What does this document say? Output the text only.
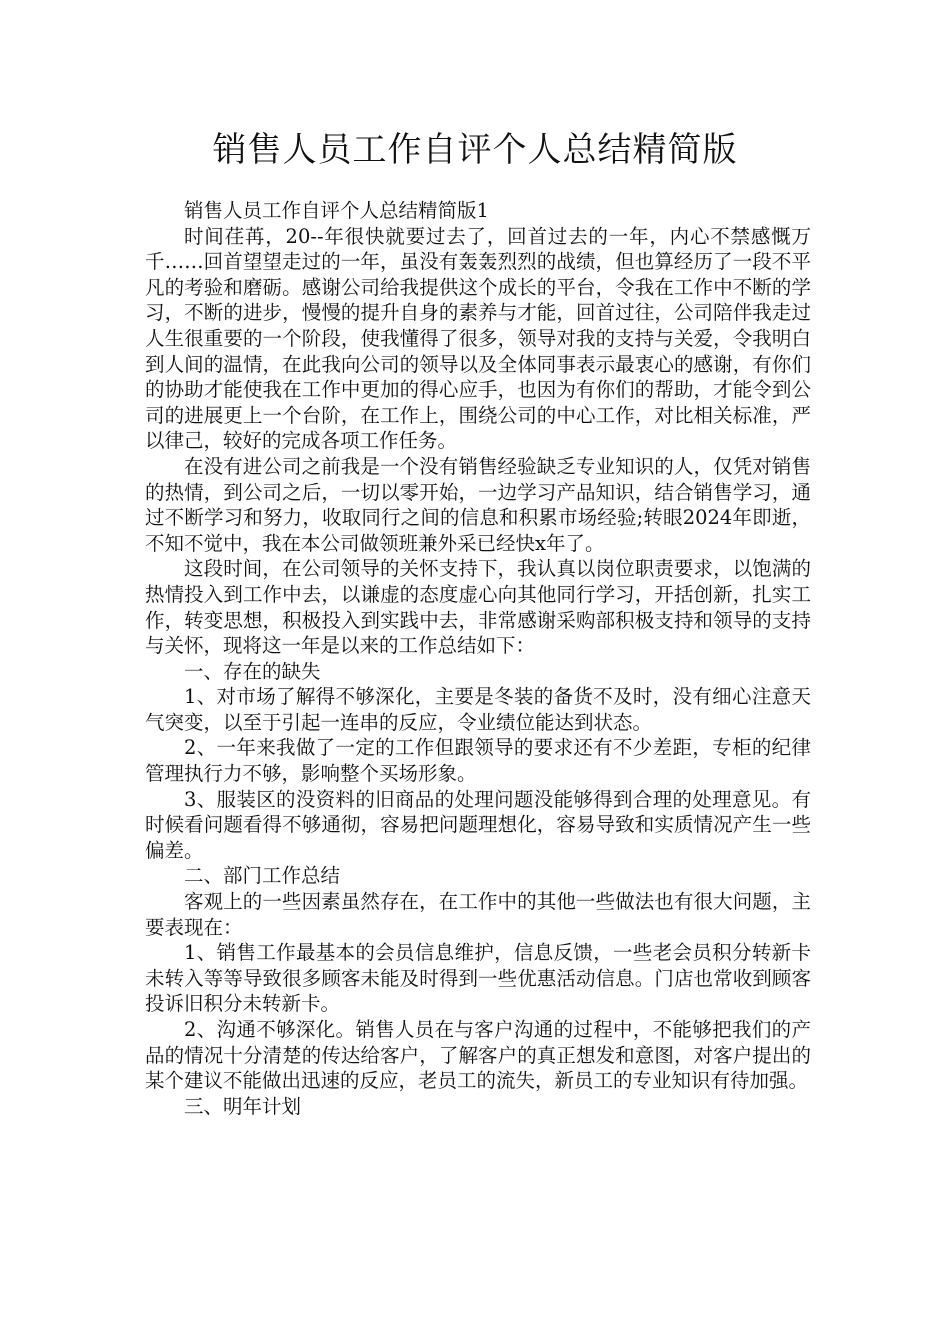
销售人员工作自评个人总结精简版

销售人员工作自评个人总结精简版1

时间荏苒，20--年很快就要过去了，回首过去的一年，内心不禁感慨万千……回首望望走过的一年，虽没有轰轰烈烈的战绩，但也算经历了一段不平凡的考验和磨砺。感谢公司给我提供这个成长的平台，令我在工作中不断的学习，不断的进步，慢慢的提升自身的素养与才能，回首过往，公司陪伴我走过人生很重要的一个阶段，使我懂得了很多，领导对我的支持与关爱，令我明白到人间的温情，在此我向公司的领导以及全体同事表示最衷心的感谢，有你们的协助才能使我在工作中更加的得心应手，也因为有你们的帮助，才能令到公司的进展更上一个台阶，在工作上，围绕公司的中心工作，对比相关标准，严以律己，较好的完成各项工作任务。

在没有进公司之前我是一个没有销售经验缺乏专业知识的人，仅凭对销售的热情，到公司之后，一切以零开始，一边学习产品知识，结合销售学习，通过不断学习和努力，收取同行之间的信息和积累市场经验;转眼2024年即逝，不知不觉中，我在本公司做领班兼外采已经快x年了。

这段时间，在公司领导的关怀支持下，我认真以岗位职责要求，以饱满的热情投入到工作中去，以谦虚的态度虚心向其他同行学习，开括创新，扎实工作，转变思想，积极投入到实践中去，非常感谢采购部积极支持和领导的支持与关怀，现将这一年是以来的工作总结如下：

一、存在的缺失

1、对市场了解得不够深化，主要是冬装的备货不及时，没有细心注意天气突变，以至于引起一连串的反应，令业绩位能达到状态。

2、一年来我做了一定的工作但跟领导的要求还有不少差距，专柜的纪律管理执行力不够，影响整个买场形象。

3、服装区的没资料的旧商品的处理问题没能够得到合理的处理意见。有时候看问题看得不够通彻，容易把问题理想化，容易导致和实质情况产生一些偏差。

二、部门工作总结

客观上的一些因素虽然存在，在工作中的其他一些做法也有很大问题，主要表现在：

1、销售工作最基本的会员信息维护，信息反馈，一些老会员积分转新卡未转入等等导致很多顾客未能及时得到一些优惠活动信息。门店也常收到顾客投诉旧积分未转新卡。

2、沟通不够深化。销售人员在与客户沟通的过程中，不能够把我们的产品的情况十分清楚的传达给客户，了解客户的真正想发和意图，对客户提出的某个建议不能做出迅速的反应，老员工的流失，新员工的专业知识有待加强。

三、明年计划
